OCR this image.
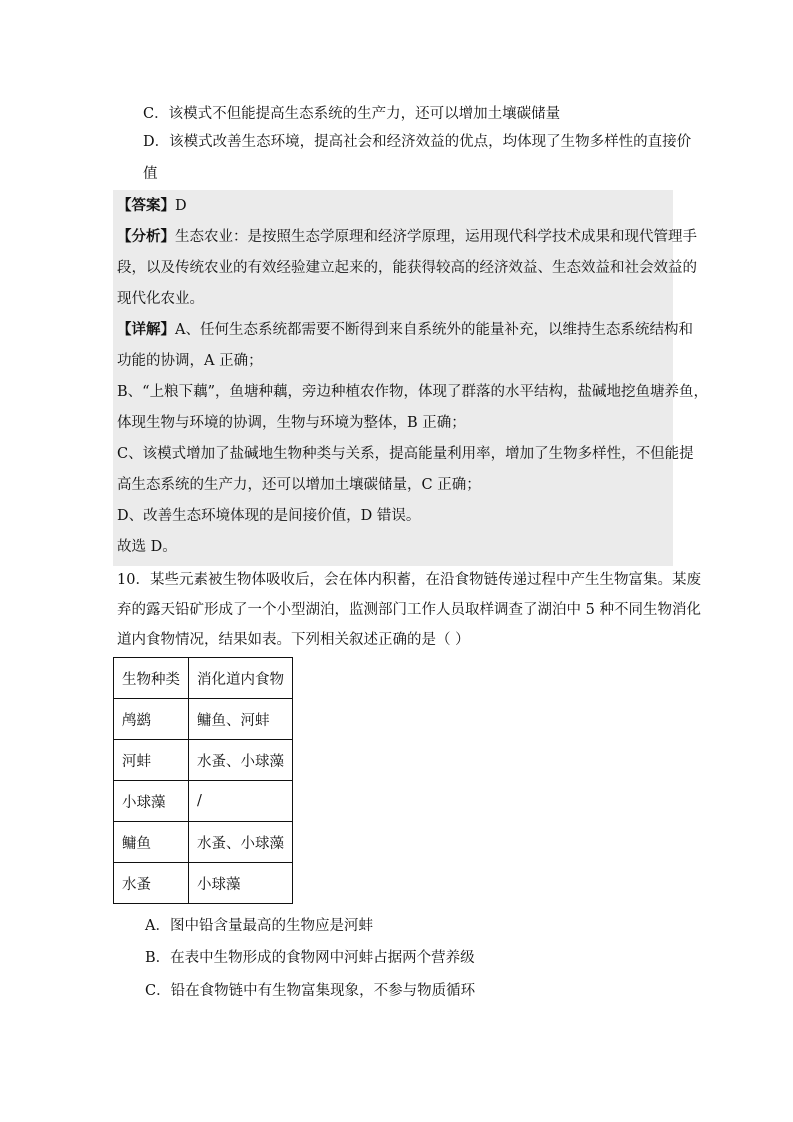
C．该模式不但能提高生态系统的生产力，还可以增加土壤碳储量
D．该模式改善生态环境，提高社会和经济效益的优点，均体现了生物多样性的直接价
值
【答案】D
【分析】生态农业：是按照生态学原理和经济学原理，运用现代科学技术成果和现代管理手
段，以及传统农业的有效经验建立起来的，能获得较高的经济效益、生态效益和社会效益的
现代化农业。
【详解】A、任何生态系统都需要不断得到来自系统外的能量补充，以维持生态系统结构和
功能的协调，A 正确；
B、“上粮下藕”，鱼塘种藕，旁边种植农作物，体现了群落的水平结构，盐碱地挖鱼塘养鱼，
体现生物与环境的协调，生物与环境为整体，B 正确；
C、该模式增加了盐碱地生物种类与关系，提高能量利用率，增加了生物多样性，不但能提
高生态系统的生产力，还可以增加土壤碳储量，C 正确；
D、改善生态环境体现的是间接价值，D 错误。
故选 D。
10．某些元素被生物体吸收后，会在体内积蓄，在沿食物链传递过程中产生生物富集。某废
弃的露天铅矿形成了一个小型湖泊，监测部门工作人员取样调查了湖泊中 5 种不同生物消化
道内食物情况，结果如表。下列相关叙述正确的是（ ）
生物种类	消化道内食物
鸬鹚	鳙鱼、河蚌
河蚌	水蚤、小球藻
小球藻	/
鳙鱼	水蚤、小球藻
水蚤	小球藻
A．图中铅含量最高的生物应是河蚌
B．在表中生物形成的食物网中河蚌占据两个营养级
C．铅在食物链中有生物富集现象，不参与物质循环
